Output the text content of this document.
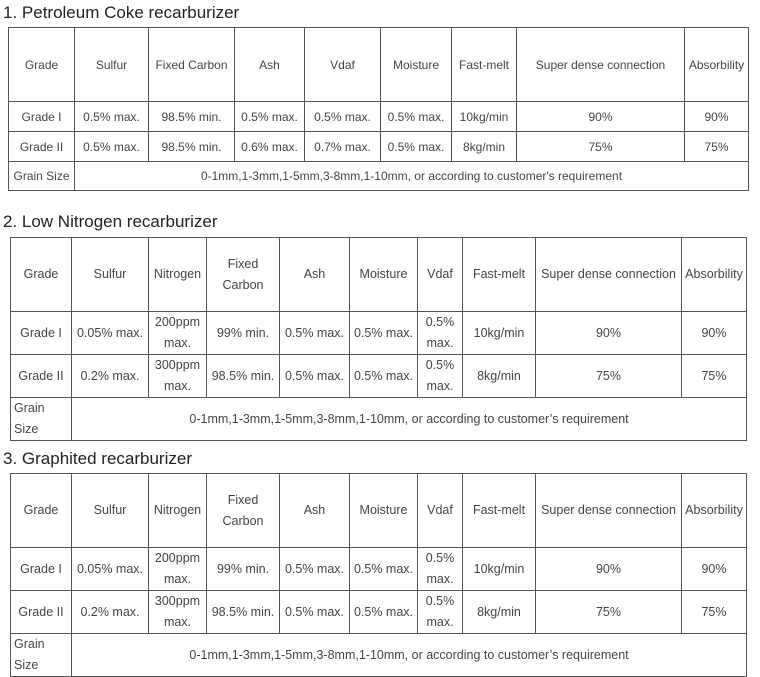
1. Petroleum Coke recarburizer
Grade	Sulfur	Fixed Carbon	Ash	Vdaf	Moisture	Fast-melt	Super dense connection	Absorbility
Grade I	0.5% max.	98.5% min.	0.5% max.	0.5% max.	0.5% max.	10kg/min	90%	90%
Grade II	0.5% max.	98.5% min.	0.6% max.	0.7% max.	0.5% max.	8kg/min	75%	75%
Grain Size	0-1mm,1-3mm,1-5mm,3-8mm,1-10mm, or according to customer's requirement							
2. Low Nitrogen recarburizer
Grade	Sulfur	Nitrogen	Fixed Carbon	Ash	Moisture	Vdaf	Fast-melt	Super dense connection	Absorbility
Grade I	0.05% max.	200ppm max.	99% min.	0.5% max.	0.5% max.	0.5% max.	10kg/min	90%	90%
Grade II	0.2% max.	300ppm max.	98.5% min.	0.5% max.	0.5% max.	0.5% max.	8kg/min	75%	75%
Grain Size	0-1mm,1-3mm,1-5mm,3-8mm,1-10mm, or according to customer’s requirement								
3. Graphited recarburizer
Grade	Sulfur	Nitrogen	Fixed Carbon	Ash	Moisture	Vdaf	Fast-melt	Super dense connection	Absorbility
Grade I	0.05% max.	200ppm max.	99% min.	0.5% max.	0.5% max.	0.5% max.	10kg/min	90%	90%
Grade II	0.2% max.	300ppm max.	98.5% min.	0.5% max.	0.5% max.	0.5% max.	8kg/min	75%	75%
Grain Size	0-1mm,1-3mm,1-5mm,3-8mm,1-10mm, or according to customer’s requirement								
